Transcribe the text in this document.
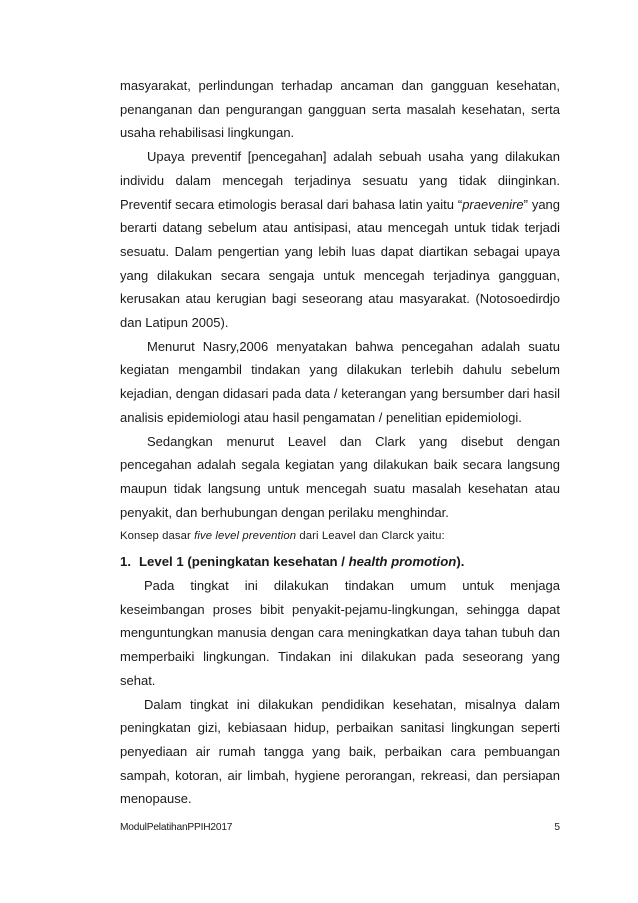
masyarakat, perlindungan terhadap ancaman dan gangguan kesehatan, penanganan dan pengurangan gangguan serta masalah kesehatan, serta usaha rehabilisasi lingkungan.

Upaya preventif [pencegahan] adalah sebuah usaha yang dilakukan individu dalam mencegah terjadinya sesuatu yang tidak diinginkan. Preventif secara etimologis berasal dari bahasa latin yaitu “praevenire” yang berarti datang sebelum atau antisipasi, atau mencegah untuk tidak terjadi sesuatu. Dalam pengertian yang lebih luas dapat diartikan sebagai upaya yang dilakukan secara sengaja untuk mencegah terjadinya gangguan, kerusakan atau kerugian bagi seseorang atau masyarakat. (Notosoedirdjo dan Latipun 2005).

Menurut Nasry,2006 menyatakan bahwa pencegahan adalah suatu kegiatan mengambil tindakan yang dilakukan terlebih dahulu sebelum kejadian, dengan didasari pada data / keterangan yang bersumber dari hasil analisis epidemiologi atau hasil pengamatan / penelitian epidemiologi.

Sedangkan menurut Leavel dan Clark yang disebut dengan pencegahan adalah segala kegiatan yang dilakukan baik secara langsung maupun tidak langsung untuk mencegah suatu masalah kesehatan atau penyakit, dan berhubungan dengan perilaku menghindar.

Konsep dasar five level prevention dari Leavel dan Clarck yaitu:

1. Level 1 (peningkatan kesehatan / health promotion).

Pada tingkat ini dilakukan tindakan umum untuk menjaga keseimbangan proses bibit penyakit-pejamu-lingkungan, sehingga dapat menguntungkan manusia dengan cara meningkatkan daya tahan tubuh dan memperbaiki lingkungan. Tindakan ini dilakukan pada seseorang yang sehat.

Dalam tingkat ini dilakukan pendidikan kesehatan, misalnya dalam peningkatan gizi, kebiasaan hidup, perbaikan sanitasi lingkungan seperti penyediaan air rumah tangga yang baik, perbaikan cara pembuangan sampah, kotoran, air limbah, hygiene perorangan, rekreasi, dan persiapan menopause.

ModulPelatihanPPIH2017	5
